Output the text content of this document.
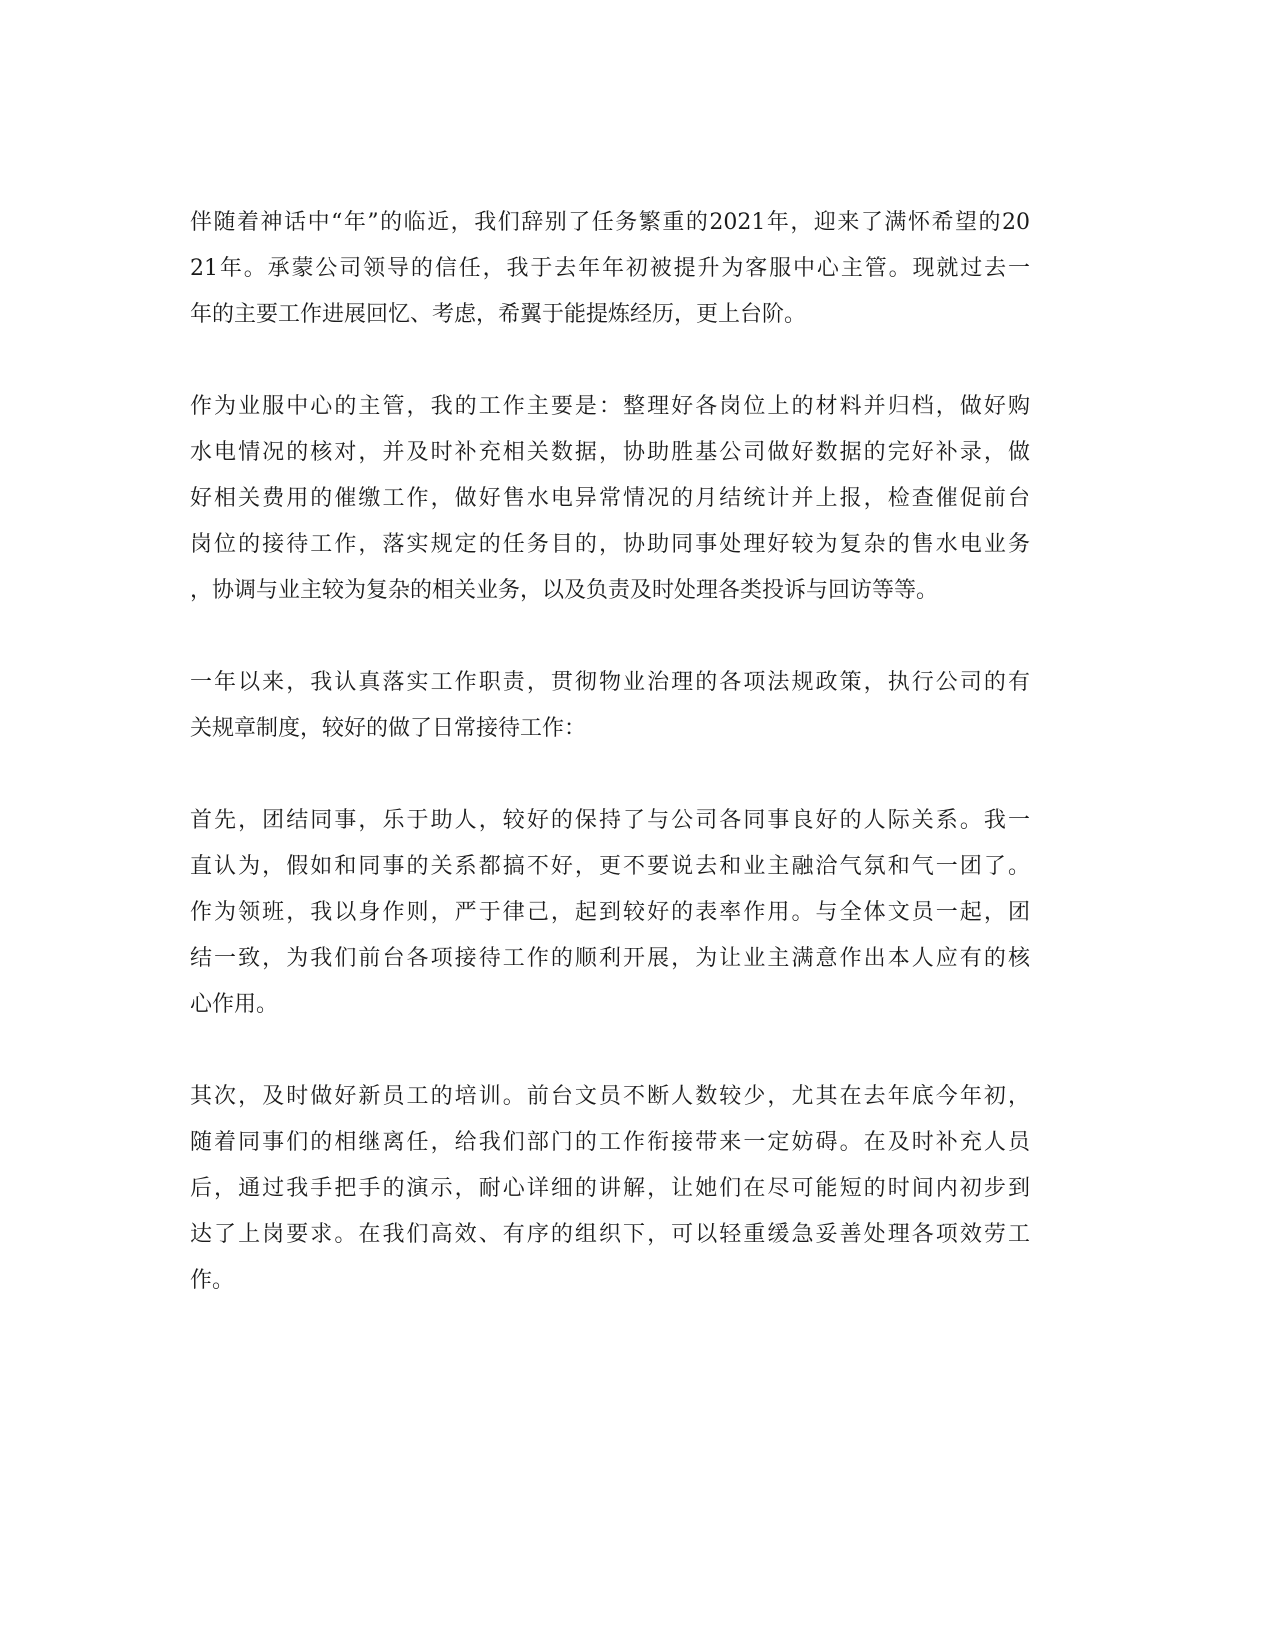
伴随着神话中“年”的临近，我们辞别了任务繁重的2021年，迎来了满怀希望的20
21年。承蒙公司领导的信任，我于去年年初被提升为客服中心主管。现就过去一
年的主要工作进展回忆、考虑，希翼于能提炼经历，更上台阶。
作为业服中心的主管，我的工作主要是：整理好各岗位上的材料并归档，做好购
水电情况的核对，并及时补充相关数据，协助胜基公司做好数据的完好补录，做
好相关费用的催缴工作，做好售水电异常情况的月结统计并上报，检查催促前台
岗位的接待工作，落实规定的任务目的，协助同事处理好较为复杂的售水电业务
，协调与业主较为复杂的相关业务，以及负责及时处理各类投诉与回访等等。
一年以来，我认真落实工作职责，贯彻物业治理的各项法规政策，执行公司的有
关规章制度，较好的做了日常接待工作：
首先，团结同事，乐于助人，较好的保持了与公司各同事良好的人际关系。我一
直认为，假如和同事的关系都搞不好，更不要说去和业主融洽气氛和气一团了。
作为领班，我以身作则，严于律己，起到较好的表率作用。与全体文员一起，团
结一致，为我们前台各项接待工作的顺利开展，为让业主满意作出本人应有的核
心作用。
其次，及时做好新员工的培训。前台文员不断人数较少，尤其在去年底今年初，
随着同事们的相继离任，给我们部门的工作衔接带来一定妨碍。在及时补充人员
后，通过我手把手的演示，耐心详细的讲解，让她们在尽可能短的时间内初步到
达了上岗要求。在我们高效、有序的组织下，可以轻重缓急妥善处理各项效劳工
作。
